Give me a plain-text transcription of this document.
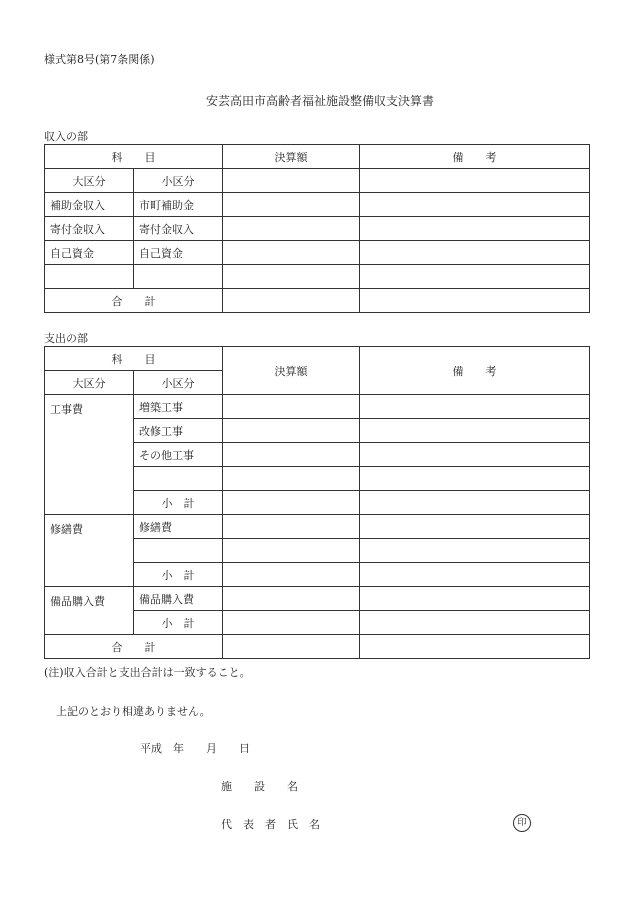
様式第8号(第7条関係)
安芸高田市高齢者福祉施設整備収支決算書
収入の部
科　　目		決算額	備　　考
大区分	小区分		
補助金収入	市町補助金		
寄付金収入	寄付金収入		
自己資金	自己資金		

合　　計			
支出の部
科　　目		決算額	備　　考
大区分	小区分		
工事費	増築工事		
	改修工事		
	その他工事		

	小　計		
修繕費	修繕費		

	小　計		
備品購入費	備品購入費		
	小　計		
合　　計			
(注)収入合計と支出合計は一致すること。
上記のとおり相違ありません。
平成　年　　月　　日
施　　設　　名
代　表　者　氏　名	印
